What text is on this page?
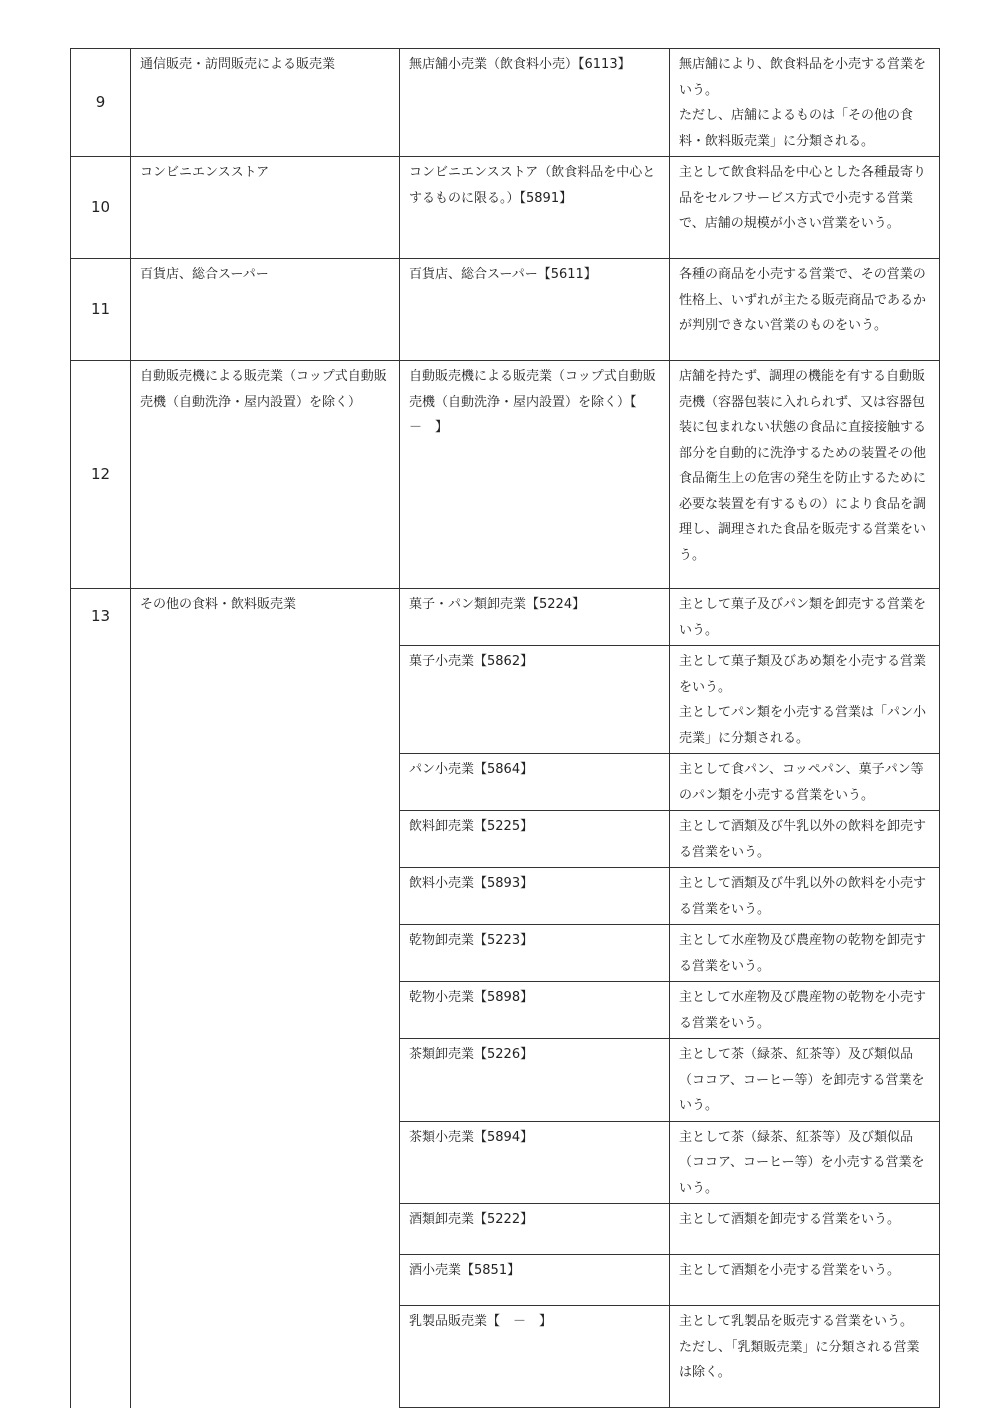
9	通信販売・訪問販売による販売業	無店舗小売業（飲食料小売）【6113】	無店舗により、飲食料品を小売する営業をいう。
ただし、店舗によるものは「その他の食料・飲料販売業」に分類される。

10	コンビニエンスストア	コンビニエンスストア（飲食料品を中心とするものに限る。）【5891】	主として飲食料品を中心とした各種最寄り品をセルフサービス方式で小売する営業で、店舗の規模が小さい営業をいう。

11	百貨店、総合スーパー	百貨店、総合スーパー【5611】	各種の商品を小売する営業で、その営業の性格上、いずれが主たる販売商品であるかが判別できない営業のものをいう。

12	自動販売機による販売業（コップ式自動販売機（自動洗浄・屋内設置）を除く）	自動販売機による販売業（コップ式自動販売機（自動洗浄・屋内設置）を除く）【　－　】	店舗を持たず、調理の機能を有する自動販売機（容器包装に入れられず、又は容器包装に包まれない状態の食品に直接接触する部分を自動的に洗浄するための装置その他食品衛生上の危害の発生を防止するために必要な装置を有するもの）により食品を調理し、調理された食品を販売する営業をいう。

13	その他の食料・飲料販売業	菓子・パン類卸売業【5224】	主として菓子及びパン類を卸売する営業をいう。

		菓子小売業【5862】	主として菓子類及びあめ類を小売する営業をいう。
主としてパン類を小売する営業は「パン小売業」に分類される。

		パン小売業【5864】	主として食パン、コッペパン、菓子パン等のパン類を小売する営業をいう。

		飲料卸売業【5225】	主として酒類及び牛乳以外の飲料を卸売する営業をいう。

		飲料小売業【5893】	主として酒類及び牛乳以外の飲料を小売する営業をいう。

		乾物卸売業【5223】	主として水産物及び農産物の乾物を卸売する営業をいう。

		乾物小売業【5898】	主として水産物及び農産物の乾物を小売する営業をいう。

		茶類卸売業【5226】	主として茶（緑茶、紅茶等）及び類似品（ココア、コーヒー等）を卸売する営業をいう。

		茶類小売業【5894】	主として茶（緑茶、紅茶等）及び類似品（ココア、コーヒー等）を小売する営業をいう。

		酒類卸売業【5222】	主として酒類を卸売する営業をいう。

		酒小売業【5851】	主として酒類を小売する営業をいう。

		乳製品販売業【　－　】	主として乳製品を販売する営業をいう。
ただし、「乳類販売業」に分類される営業は除く。
